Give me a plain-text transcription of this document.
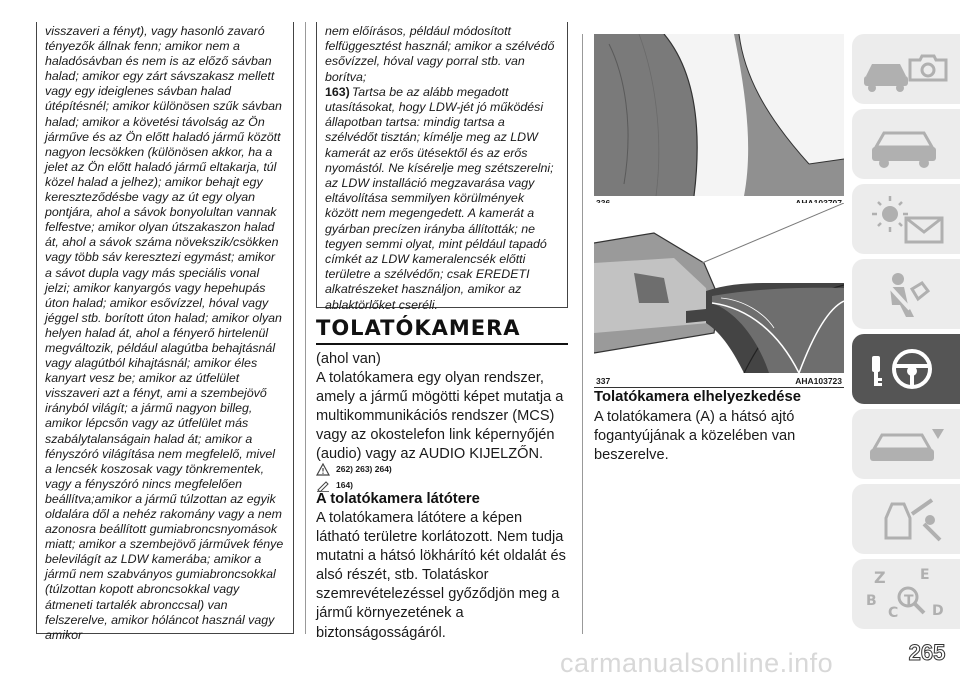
visszaveri a fényt), vagy hasonló zavaró tényezők állnak fenn; amikor nem a haladósávban és nem is az előző sávban halad; amikor egy zárt sávszakasz mellett vagy egy ideiglenes sávban halad útépítésnél; amikor különösen szűk sávban halad; amikor a követési távolság az Ön járműve és az Ön előtt haladó jármű között nagyon lecsökken (különösen akkor, ha a jelet az Ön előtt haladó jármű eltakarja, túl közel halad a jelhez); amikor behajt egy kereszteződésbe vagy az út egy olyan pontjára, ahol a sávok bonyolultan vannak felfestve; amikor olyan útszakaszon halad át, ahol a sávok száma növekszik/csökken vagy több sáv keresztezi egymást; amikor a sávot dupla vagy más speciális vonal jelzi; amikor kanyargós vagy hepehupás úton halad; amikor esővízzel, hóval vagy jéggel stb. borított úton halad; amikor olyan helyen halad át, ahol a fényerő hirtelenül megváltozik, például alagútba behajtásnál vagy alagútból kihajtásnál; amikor éles kanyart vesz be; amikor az útfelület visszaveri azt a fényt, ami a szembejövő irányból világít; a jármű nagyon billeg, amikor lépcsőn vagy az útfelület más szabálytalanságain halad át; amikor a fényszóró világítása nem megfelelő, mivel a lencsék koszosak vagy tönkrementek, vagy a fényszóró nincs megfelelően beállítva;amikor a jármű túlzottan az egyik oldalára dől a nehéz rakomány vagy a nem azonosra beállított gumiabroncsnyomások miatt; amikor a szembejövő járművek fénye belevilágít az LDW kamerába; amikor a jármű nem szabványos gumiabroncsokkal (túlzottan kopott abroncsokkal vagy átmeneti tartalék abronccsal) van felszerelve, amikor hóláncot használ vagy amikor

nem előírásos, például módosított felfüggesztést használ; amikor a szélvédő esővízzel, hóval vagy porral stb. van borítva;

163) Tartsa be az alább megadott utasításokat, hogy LDW-jét jó működési állapotban tartsa: mindig tartsa a szélvédőt tisztán; kímélje meg az LDW kamerát az erős ütésektől és az erős nyomástól. Ne kísérelje meg szétszerelni; az LDW installáció megzavarása vagy eltávolítása semmilyen körülmények között nem megengedett. A kamerát a gyárban precízen irányba állították; ne tegyen semmi olyat, mint például tapadó címkét az LDW kameralencsék előtti területre a szélvédőn; csak EREDETI alkatrészeket használjon, amikor az ablaktörlőket cseréli.

TOLATÓKAMERA

(ahol van)
A tolatókamera egy olyan rendszer, amely a jármű mögötti képet mutatja a multikommunikációs rendszer (MCS) vagy az okostelefon link képernyőjén (audio) vagy az AUDIO KIJELZŐN.

262) 263) 264)
164)
A tolatókamera látótere

A tolatókamera látótere a képen látható területre korlátozott. Nem tudja mutatni a hátsó lökhárító két oldalát és alsó részét, stb. Tolatáskor szemrevételezéssel győződjön meg a jármű környezetének a biztonságosságáról.

337	AHA103723
Tolatókamera elhelyezkedése

A tolatókamera (A) a hátsó ajtó fogantyújának a közelében van beszerelve.

Z E
B
C
T
D
carmanualsonline.info	265
